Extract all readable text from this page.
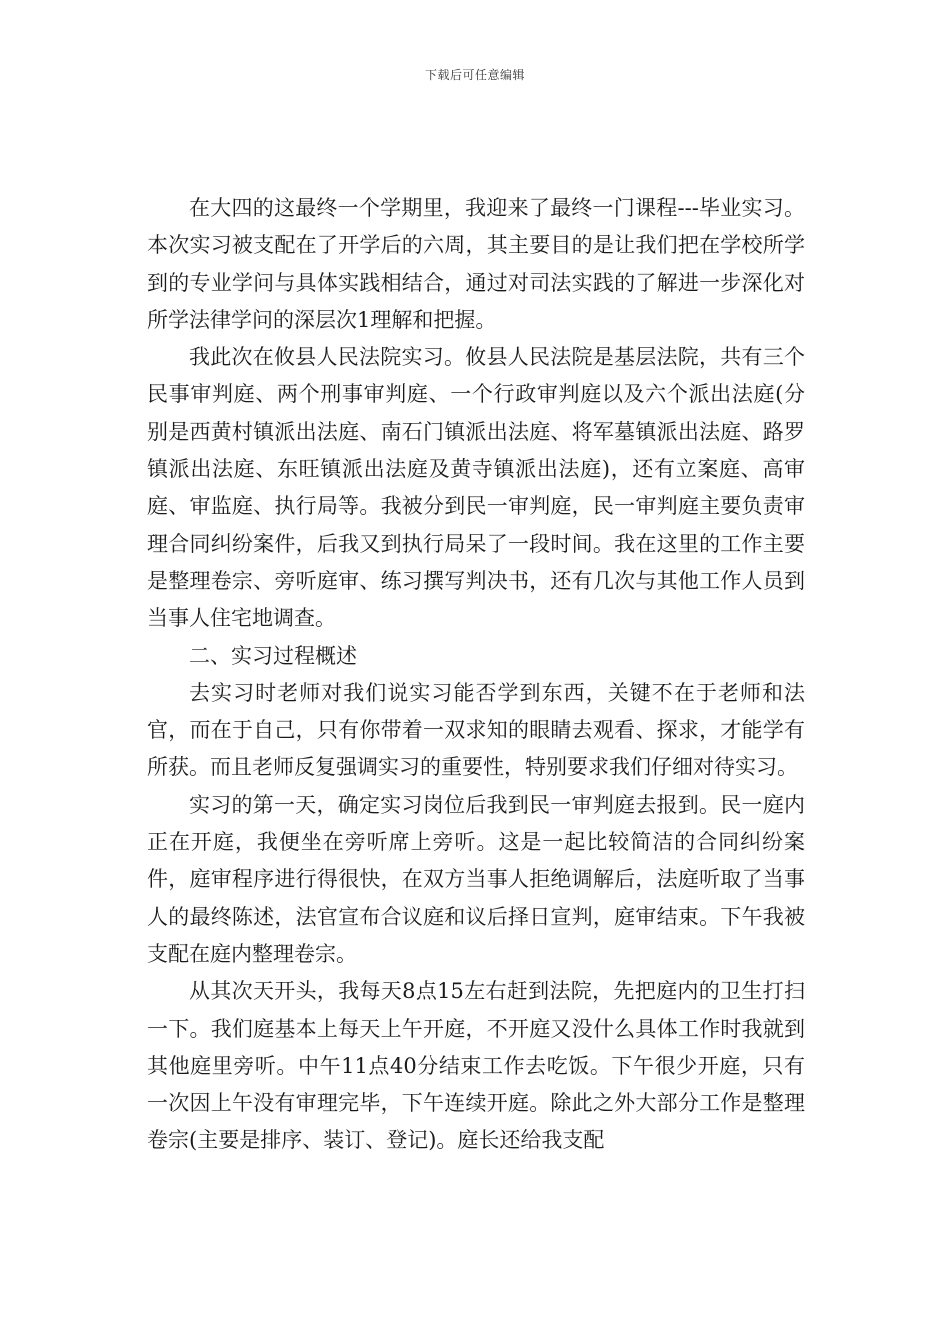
下载后可任意编辑

在大四的这最终一个学期里，我迎来了最终一门课程---毕业实习。本次实习被支配在了开学后的六周，其主要目的是让我们把在学校所学到的专业学问与具体实践相结合，通过对司法实践的了解进一步深化对所学法律学问的深层次1理解和把握。

我此次在攸县人民法院实习。攸县人民法院是基层法院，共有三个民事审判庭、两个刑事审判庭、一个行政审判庭以及六个派出法庭(分别是西黄村镇派出法庭、南石门镇派出法庭、将军墓镇派出法庭、路罗镇派出法庭、东旺镇派出法庭及黄寺镇派出法庭)，还有立案庭、高审庭、审监庭、执行局等。我被分到民一审判庭，民一审判庭主要负责审理合同纠纷案件，后我又到执行局呆了一段时间。我在这里的工作主要是整理卷宗、旁听庭审、练习撰写判决书，还有几次与其他工作人员到当事人住宅地调查。

二、实习过程概述

去实习时老师对我们说实习能否学到东西，关键不在于老师和法官，而在于自己，只有你带着一双求知的眼睛去观看、探求，才能学有所获。而且老师反复强调实习的重要性，特别要求我们仔细对待实习。

实习的第一天，确定实习岗位后我到民一审判庭去报到。民一庭内正在开庭，我便坐在旁听席上旁听。这是一起比较简洁的合同纠纷案件，庭审程序进行得很快，在双方当事人拒绝调解后，法庭听取了当事人的最终陈述，法官宣布合议庭和议后择日宣判，庭审结束。下午我被支配在庭内整理卷宗。

从其次天开头，我每天8点15左右赶到法院，先把庭内的卫生打扫一下。我们庭基本上每天上午开庭，不开庭又没什么具体工作时我就到其他庭里旁听。中午11点40分结束工作去吃饭。下午很少开庭，只有一次因上午没有审理完毕，下午连续开庭。除此之外大部分工作是整理卷宗(主要是排序、装订、登记)。庭长还给我支配
